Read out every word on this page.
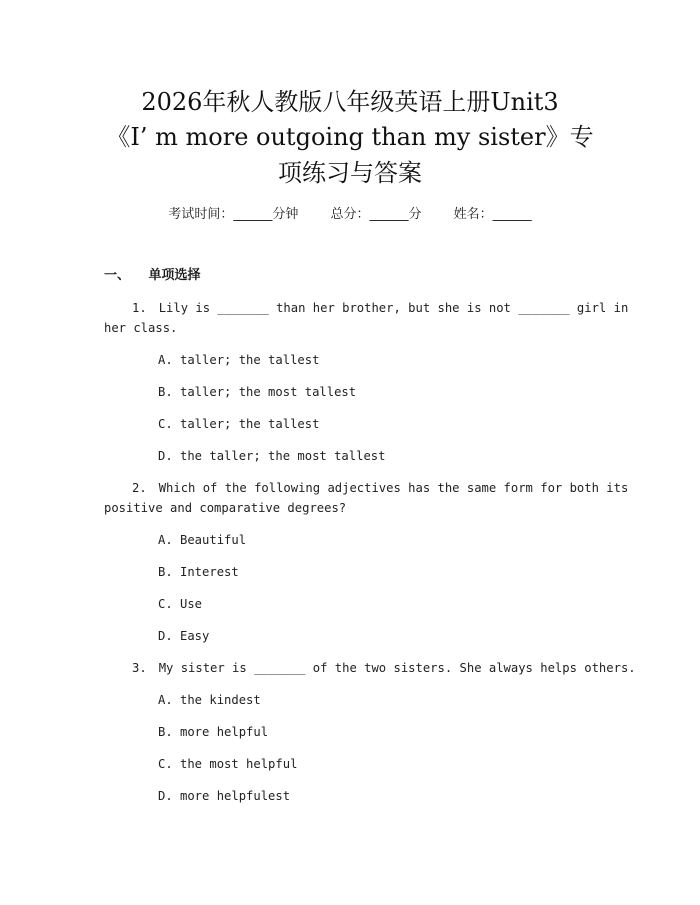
2026年秋人教版八年级英语上册Unit3
《I’ m more outgoing than my sister》专
项练习与答案
考试时间：______分钟 总分：______分 姓名：______
一、 单项选择
1. Lily is _______ than her brother, but she is not _______ girl in
her class.
A. taller; the tallest
B. taller; the most tallest
C. taller; the tallest
D. the taller; the most tallest
2. Which of the following adjectives has the same form for both its
positive and comparative degrees?
A. Beautiful
B. Interest
C. Use
D. Easy
3. My sister is _______ of the two sisters. She always helps others.
A. the kindest
B. more helpful
C. the most helpful
D. more helpfulest
